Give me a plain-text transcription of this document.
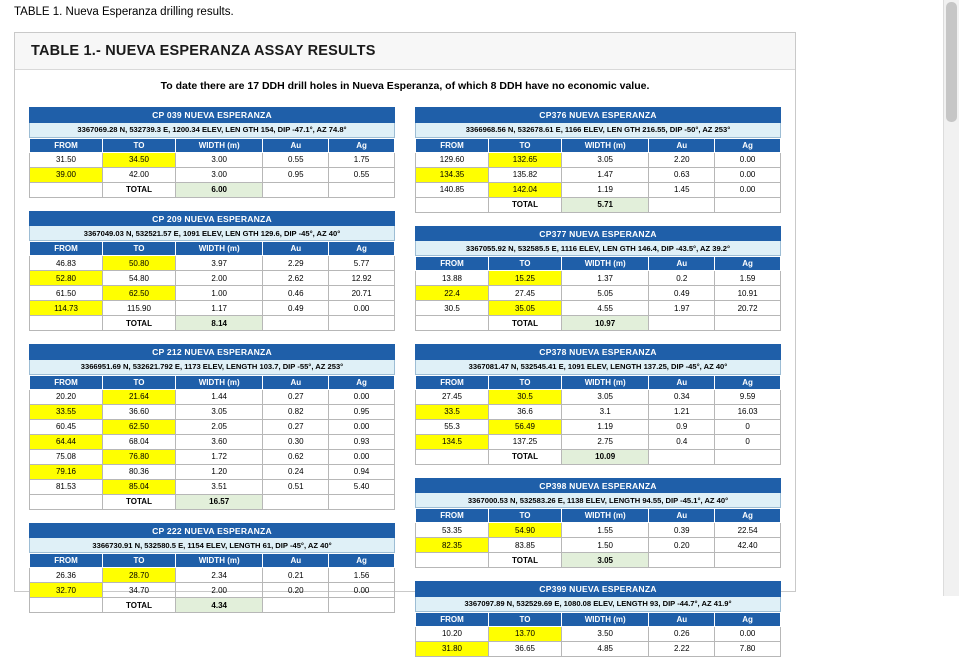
TABLE 1. Nueva Esperanza drilling results.
TABLE 1.- NUEVA ESPERANZA ASSAY RESULTS
To date there are 17 DDH drill holes in Nueva Esperanza, of which 8 DDH have no economic value.
CP 039 NUEVA ESPERANZA
3367069.28 N, 532739.3 E, 1200.34 ELEV, LEN GTH 154, DIP -47.1°, AZ 74.8°
FROM	TO	WIDTH (m)	Au	Ag
31.50	34.50	3.00	0.55	1.75
39.00	42.00	3.00	0.95	0.55
	TOTAL	6.00		
CP 209 NUEVA ESPERANZA
3367049.03 N, 532521.57 E, 1091 ELEV, LEN GTH 129.6, DIP -45°, AZ 40°
FROM	TO	WIDTH (m)	Au	Ag
46.83	50.80	3.97	2.29	5.77
52.80	54.80	2.00	2.62	12.92
61.50	62.50	1.00	0.46	20.71
114.73	115.90	1.17	0.49	0.00
	TOTAL	8.14		
CP 212 NUEVA ESPERANZA
3366951.69 N, 532621.792 E, 1173 ELEV, LENGTH 103.7, DIP -55°, AZ 253°
FROM	TO	WIDTH (m)	Au	Ag
20.20	21.64	1.44	0.27	0.00
33.55	36.60	3.05	0.82	0.95
60.45	62.50	2.05	0.27	0.00
64.44	68.04	3.60	0.30	0.93
75.08	76.80	1.72	0.62	0.00
79.16	80.36	1.20	0.24	0.94
81.53	85.04	3.51	0.51	5.40
	TOTAL	16.57		
CP 222 NUEVA ESPERANZA
3366730.91 N, 532580.5 E, 1154 ELEV, LENGTH 61, DIP -45°, AZ 40°
FROM	TO	WIDTH (m)	Au	Ag
26.36	28.70	2.34	0.21	1.56
32.70	34.70	2.00	0.20	0.00
	TOTAL	4.34		
CP376 NUEVA ESPERANZA
3366968.56 N, 532678.61 E, 1166 ELEV, LEN GTH 216.55, DIP -50°, AZ 253°
FROM	TO	WIDTH (m)	Au	Ag
129.60	132.65	3.05	2.20	0.00
134.35	135.82	1.47	0.63	0.00
140.85	142.04	1.19	1.45	0.00
	TOTAL	5.71		
CP377 NUEVA ESPERANZA
3367055.92 N, 532585.5 E, 1116 ELEV, LEN GTH 146.4, DIP -43.5°, AZ 39.2°
FROM	TO	WIDTH (m)	Au	Ag
13.88	15.25	1.37	0.2	1.59
22.4	27.45	5.05	0.49	10.91
30.5	35.05	4.55	1.97	20.72
	TOTAL	10.97		
CP378 NUEVA ESPERANZA
3367081.47 N, 532545.41 E, 1091 ELEV, LENGTH 137.25, DIP -45°, AZ 40°
FROM	TO	WIDTH (m)	Au	Ag
27.45	30.5	3.05	0.34	9.59
33.5	36.6	3.1	1.21	16.03
55.3	56.49	1.19	0.9	0
134.5	137.25	2.75	0.4	0
	TOTAL	10.09		
CP398 NUEVA ESPERANZA
3367000.53 N, 532583.26 E, 1138 ELEV, LENGTH 94.55, DIP -45.1°, AZ 40°
FROM	TO	WIDTH (m)	Au	Ag
53.35	54.90	1.55	0.39	22.54
82.35	83.85	1.50	0.20	42.40
	TOTAL	3.05		
CP399 NUEVA ESPERANZA
3367097.89 N, 532529.69 E, 1080.08 ELEV, LENGTH 93, DIP -44.7°, AZ 41.9°
FROM	TO	WIDTH (m)	Au	Ag
10.20	13.70	3.50	0.26	0.00
31.80	36.65	4.85	2.22	7.80
